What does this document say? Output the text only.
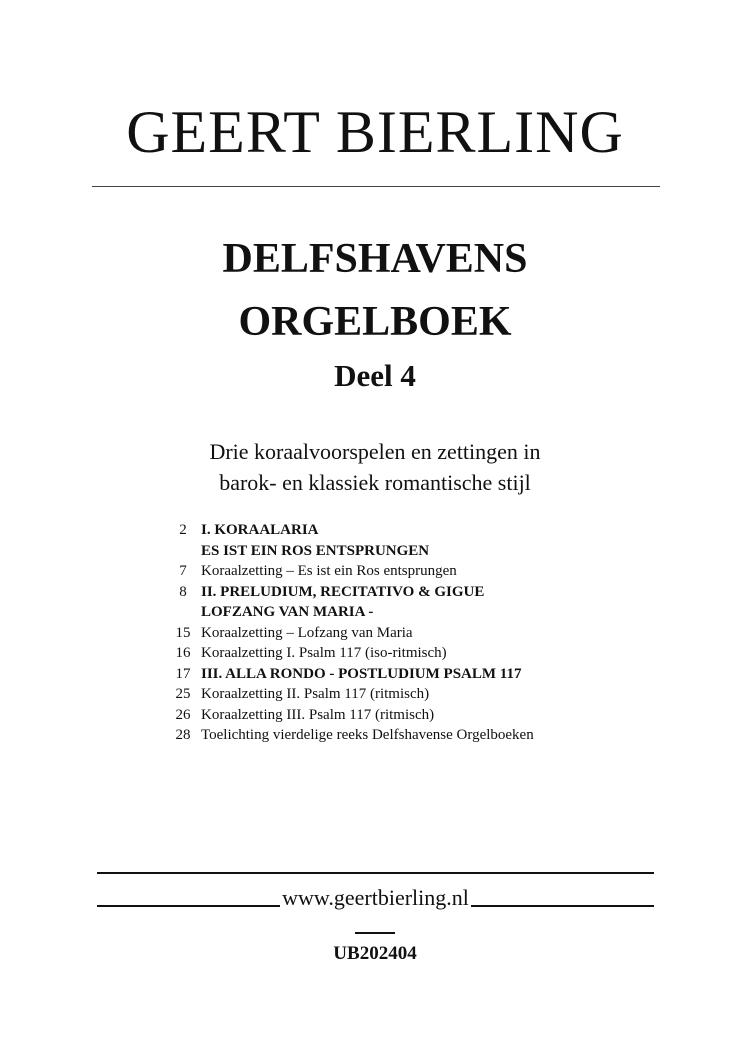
GEERT BIERLING
DELFSHAVENS
ORGELBOEK
Deel 4
Drie koraalvoorspelen en zettingen in
barok- en klassiek romantische stijl
2 I. KORAALARIA
ES IST EIN ROS ENTSPRUNGEN
7 Koraalzetting – Es ist ein Ros entsprungen
8 II. PRELUDIUM, RECITATIVO & GIGUE
LOFZANG VAN MARIA -
15 Koraalzetting – Lofzang van Maria
16 Koraalzetting I. Psalm 117 (iso-ritmisch)
17 III. ALLA RONDO - POSTLUDIUM PSALM 117
25 Koraalzetting II. Psalm 117 (ritmisch)
26 Koraalzetting III. Psalm 117 (ritmisch)
28 Toelichting vierdelige reeks Delfshavense Orgelboeken
www.geertbierling.nl
UB202404
